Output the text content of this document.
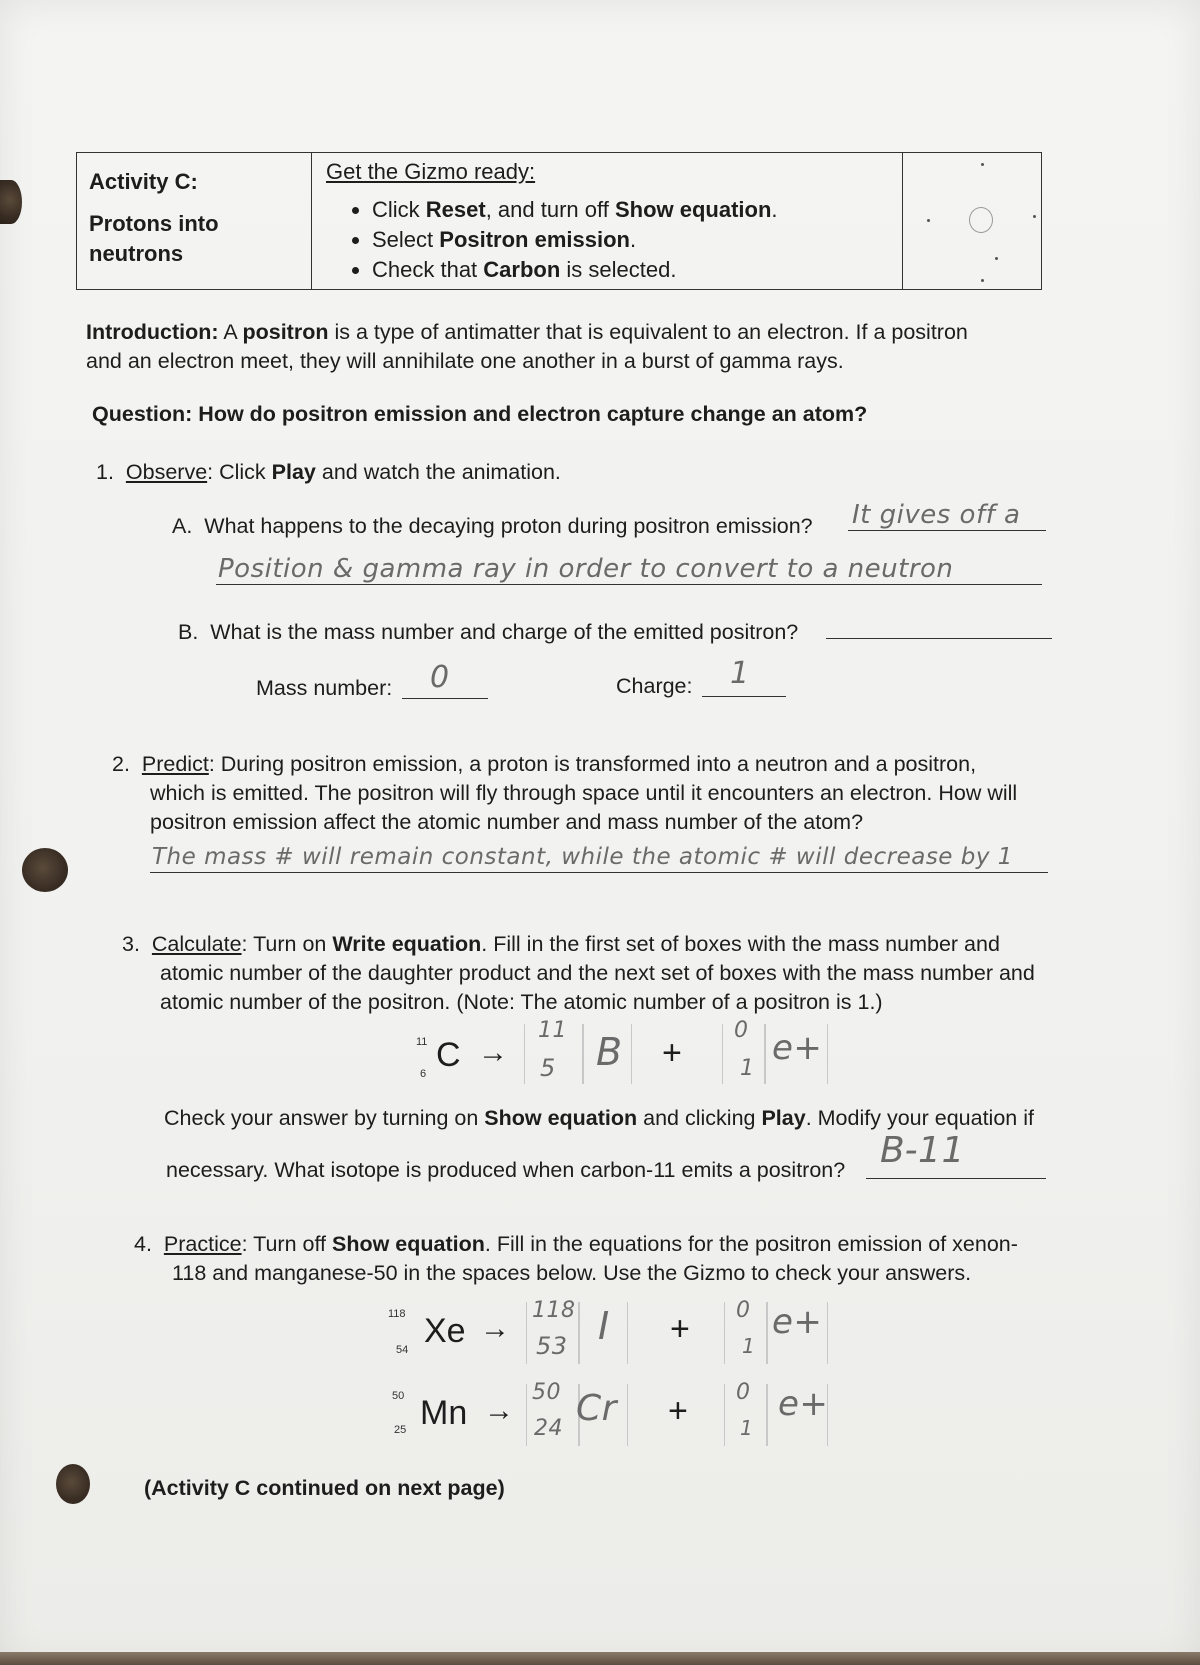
Activity C:
Protons into neutrons

Get the Gizmo ready:
• Click Reset, and turn off Show equation.
• Select Positron emission.
• Check that Carbon is selected.

Introduction: A positron is a type of antimatter that is equivalent to an electron. If a positron
and an electron meet, they will annihilate one another in a burst of gamma rays.
Question: How do positron emission and electron capture change an atom?
1. Observe: Click Play and watch the animation.
A. What happens to the decaying proton during positron emission? It gives off a
Position & gamma ray in order to convert to a neutron
B. What is the mass number and charge of the emitted positron?
Mass number: 0	Charge: 1
2. Predict: During positron emission, a proton is transformed into a neutron and a positron,
which is emitted. The positron will fly through space until it encounters an electron. How will
positron emission affect the atomic number and mass number of the atom?
The mass # will remain constant, while the atomic # will decrease by 1
3. Calculate: Turn on Write equation. Fill in the first set of boxes with the mass number and
atomic number of the daughter product and the next set of boxes with the mass number and
atomic number of the positron. (Note: The atomic number of a positron is 1.)
11
6 C →
11
5 B +
0
1
e+
Check your answer by turning on Show equation and clicking Play. Modify your equation if
necessary. What isotope is produced when carbon-11 emits a positron? B-11
4. Practice: Turn off Show equation. Fill in the equations for the positron emission of xenon-
118 and manganese-50 in the spaces below. Use the Gizmo to check your answers.
118
54 Xe →
118
53 I + 0
1
e+
50
25 Mn →
50
24 Cr + 0
1
e+
(Activity C continued on next page)
